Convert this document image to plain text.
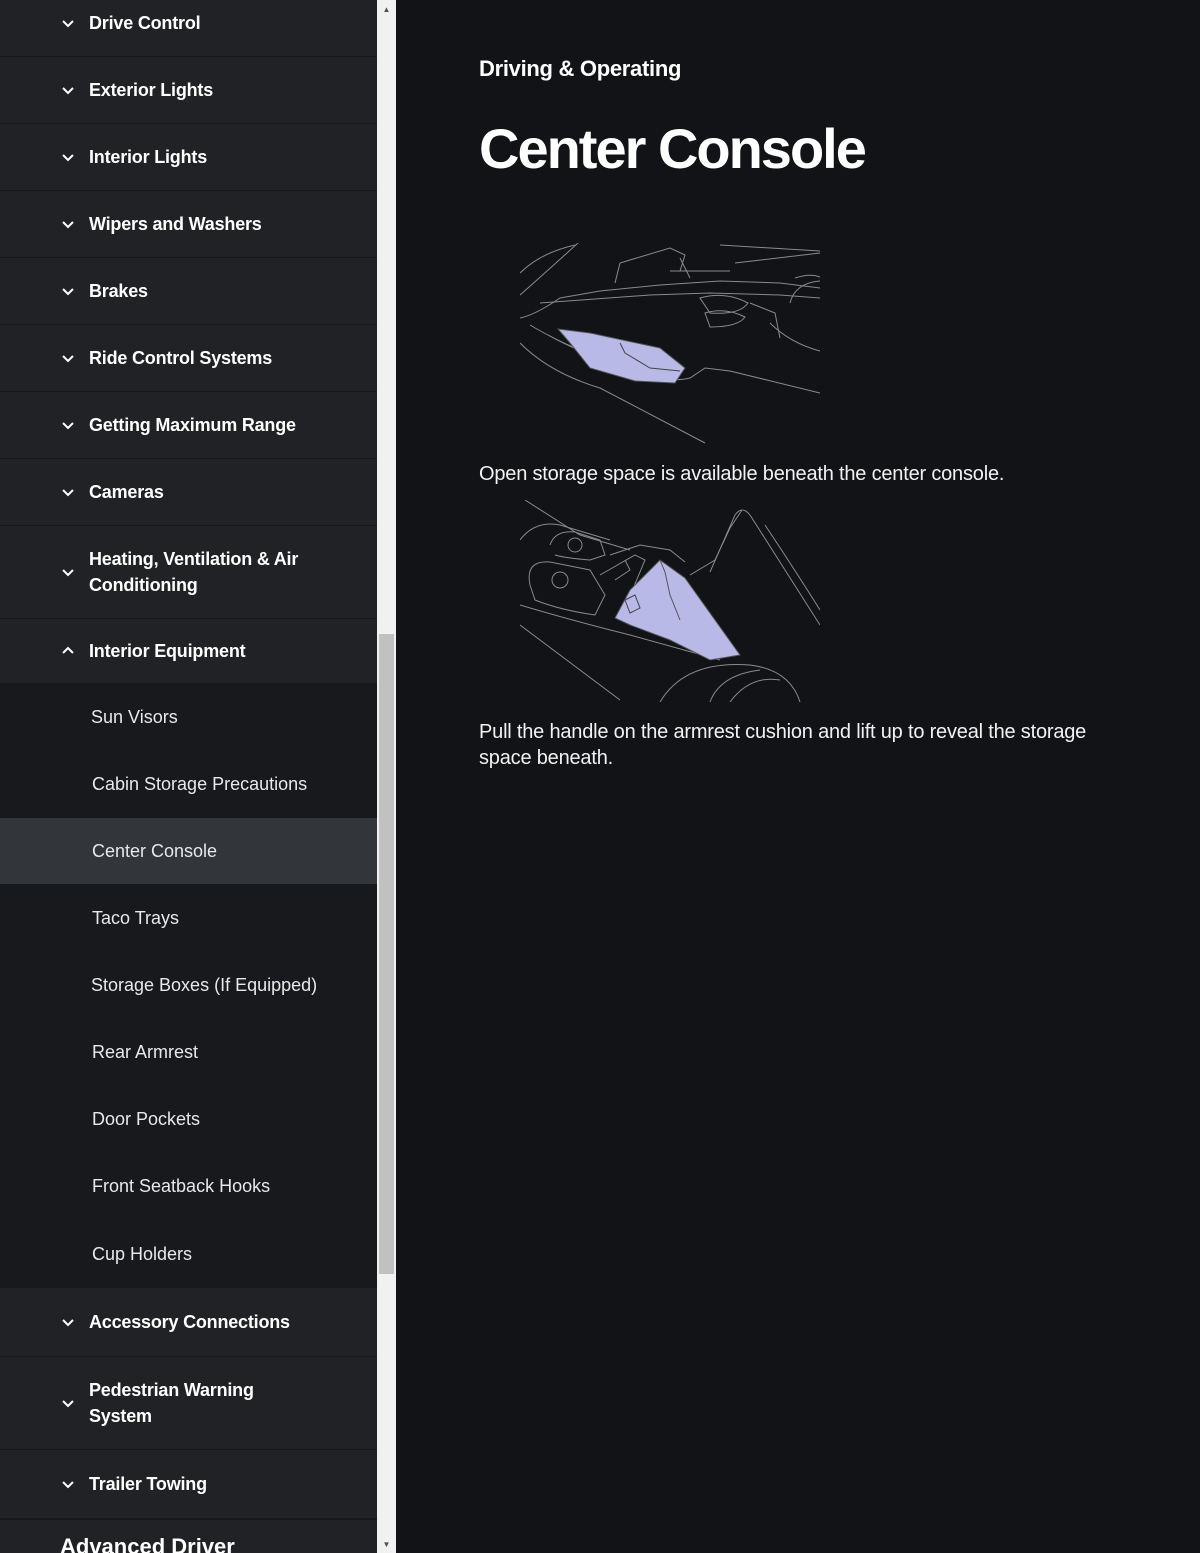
Drive Control
Exterior Lights
Interior Lights
Wipers and Washers
Brakes
Ride Control Systems
Getting Maximum Range
Cameras
Heating, Ventilation & Air Conditioning
Interior Equipment
Sun Visors
Cabin Storage Precautions
Center Console
Taco Trays
Storage Boxes (If Equipped)
Rear Armrest
Door Pockets
Front Seatback Hooks
Cup Holders
Accessory Connections
Pedestrian Warning System
Trailer Towing
Advanced Driver
▲
▼
Driving & Operating
Center Console

Open storage space is available beneath the center console.

Pull the handle on the armrest cushion and lift up to reveal the storage space beneath.
